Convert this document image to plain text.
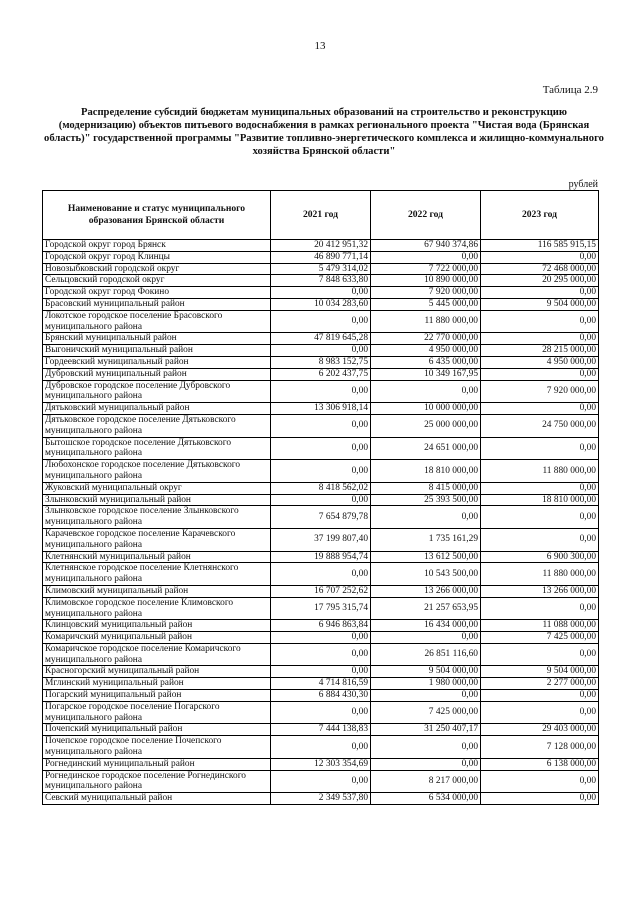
13
Таблица 2.9
Распределение субсидий бюджетам муниципальных образований на строительство и реконструкцию (модернизацию) объектов питьевого водоснабжения в рамках регионального проекта "Чистая вода (Брянская область)" государственной программы "Развитие топливно-энергетического комплекса и жилищно-коммунального хозяйства Брянской области"
рублей
Наименование и статус муниципального образования Брянской области	2021 год	2022 год	2023 год
Городской округ город Брянск	20 412 951,32	67 940 374,86	116 585 915,15
Городской округ город Клинцы	46 890 771,14	0,00	0,00
Новозыбковский городской округ	5 479 314,02	7 722 000,00	72 468 000,00
Сельцовский городской округ	7 848 633,80	10 890 000,00	20 295 000,00
Городской округ город Фокино	0,00	7 920 000,00	0,00
Брасовский муниципальный район	10 034 283,60	5 445 000,00	9 504 000,00
Локотское городское поселение Брасовского муниципального района	0,00	11 880 000,00	0,00
Брянский муниципальный район	47 819 645,28	22 770 000,00	0,00
Выгоничский муниципальный район	0,00	4 950 000,00	28 215 000,00
Гордеевский муниципальный район	8 983 152,75	6 435 000,00	4 950 000,00
Дубровский муниципальный район	6 202 437,75	10 349 167,95	0,00
Дубровское городское поселение Дубровского муниципального района	0,00	0,00	7 920 000,00
Дятьковский муниципальный район	13 306 918,14	10 000 000,00	0,00
Дятьковское городское поселение Дятьковского муниципального района	0,00	25 000 000,00	24 750 000,00
Бытошское городское поселение Дятьковского муниципального района	0,00	24 651 000,00	0,00
Любохонское городское поселение Дятьковского муниципального района	0,00	18 810 000,00	11 880 000,00
Жуковский муниципальный округ	8 418 562,02	8 415 000,00	0,00
Злынковский муниципальный район	0,00	25 393 500,00	18 810 000,00
Злынковское городское поселение Злынковского муниципального района	7 654 879,78	0,00	0,00
Карачевское городское поселение Карачевского муниципального района	37 199 807,40	1 735 161,29	0,00
Клетнянский муниципальный район	19 888 954,74	13 612 500,00	6 900 300,00
Клетнянское городское поселение Клетнянского муниципального района	0,00	10 543 500,00	11 880 000,00
Климовский муниципальный район	16 707 252,62	13 266 000,00	13 266 000,00
Климовское городское поселение Климовского муниципального района	17 795 315,74	21 257 653,95	0,00
Клинцовский муниципальный район	6 946 863,84	16 434 000,00	11 088 000,00
Комаричский муниципальный район	0,00	0,00	7 425 000,00
Комаричское городское поселение Комаричского муниципального района	0,00	26 851 116,60	0,00
Красногорский муниципальный район	0,00	9 504 000,00	9 504 000,00
Мглинский муниципальный район	4 714 816,59	1 980 000,00	2 277 000,00
Погарский муниципальный район	6 884 430,30	0,00	0,00
Погарское городское поселение Погарского муниципального района	0,00	7 425 000,00	0,00
Почепский муниципальный район	7 444 138,83	31 250 407,17	29 403 000,00
Почепское городское поселение Почепского муниципального района	0,00	0,00	7 128 000,00
Рогнединский муниципальный район	12 303 354,69	0,00	6 138 000,00
Рогнединское городское поселение Рогнединского муниципального района	0,00	8 217 000,00	0,00
Севский муниципальный район	2 349 537,80	6 534 000,00	0,00
